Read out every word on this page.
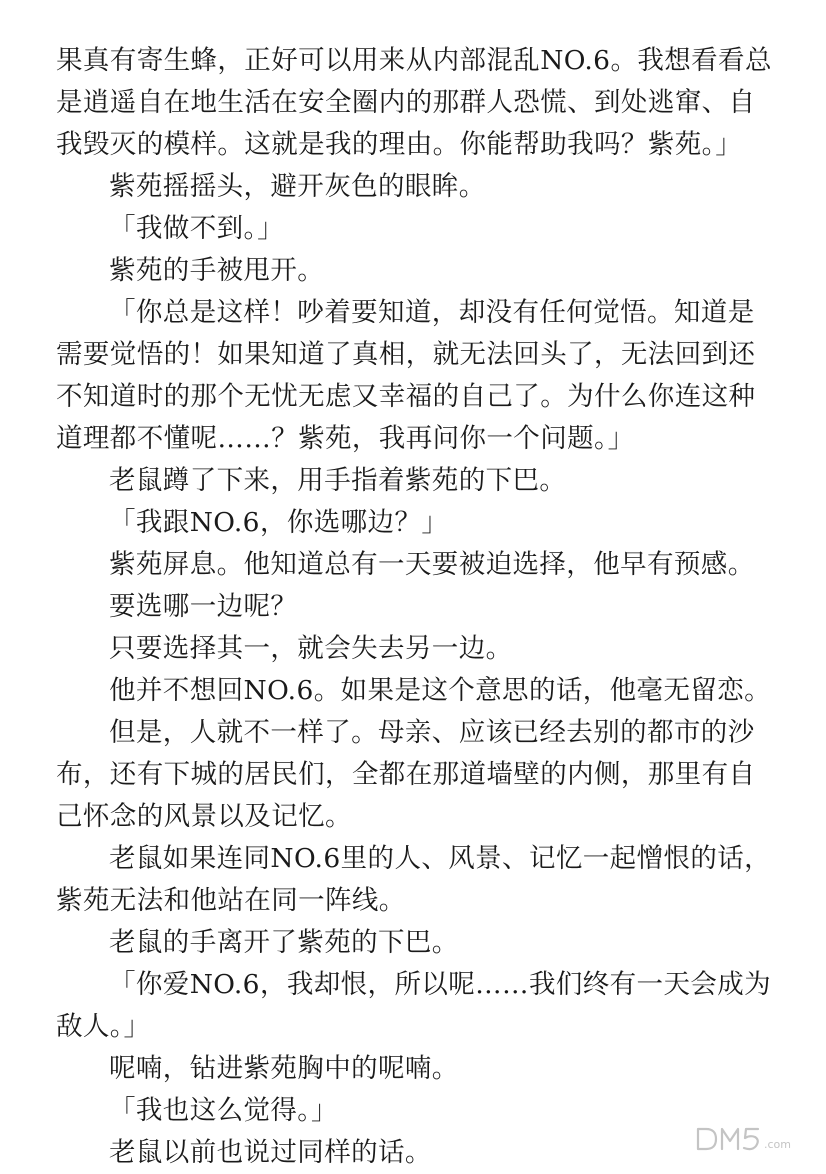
果真有寄生蜂，正好可以用来从内部混乱NO.6。我想看看总是逍遥自在地生活在安全圈内的那群人恐慌、到处逃窜、自我毁灭的模样。这就是我的理由。你能帮助我吗？紫苑。」

紫苑摇摇头，避开灰色的眼眸。

「我做不到。」

紫苑的手被甩开。

「你总是这样！吵着要知道，却没有任何觉悟。知道是需要觉悟的！如果知道了真相，就无法回头了，无法回到还不知道时的那个无忧无虑又幸福的自己了。为什么你连这种道理都不懂呢……？紫苑，我再问你一个问题。」

老鼠蹲了下来，用手指着紫苑的下巴。

「我跟NO.6，你选哪边？」

紫苑屏息。他知道总有一天要被迫选择，他早有预感。

要选哪一边呢？

只要选择其一，就会失去另一边。

他并不想回NO.6。如果是这个意思的话，他毫无留恋。

但是，人就不一样了。母亲、应该已经去别的都市的沙布，还有下城的居民们，全都在那道墙壁的内侧，那里有自己怀念的风景以及记忆。

老鼠如果连同NO.6里的人、风景、记忆一起憎恨的话，紫苑无法和他站在同一阵线。

老鼠的手离开了紫苑的下巴。

「你爱NO.6，我却恨，所以呢……我们终有一天会成为敌人。」

呢喃，钻进紫苑胸中的呢喃。

「我也这么觉得。」

老鼠以前也说过同样的话。	.com
